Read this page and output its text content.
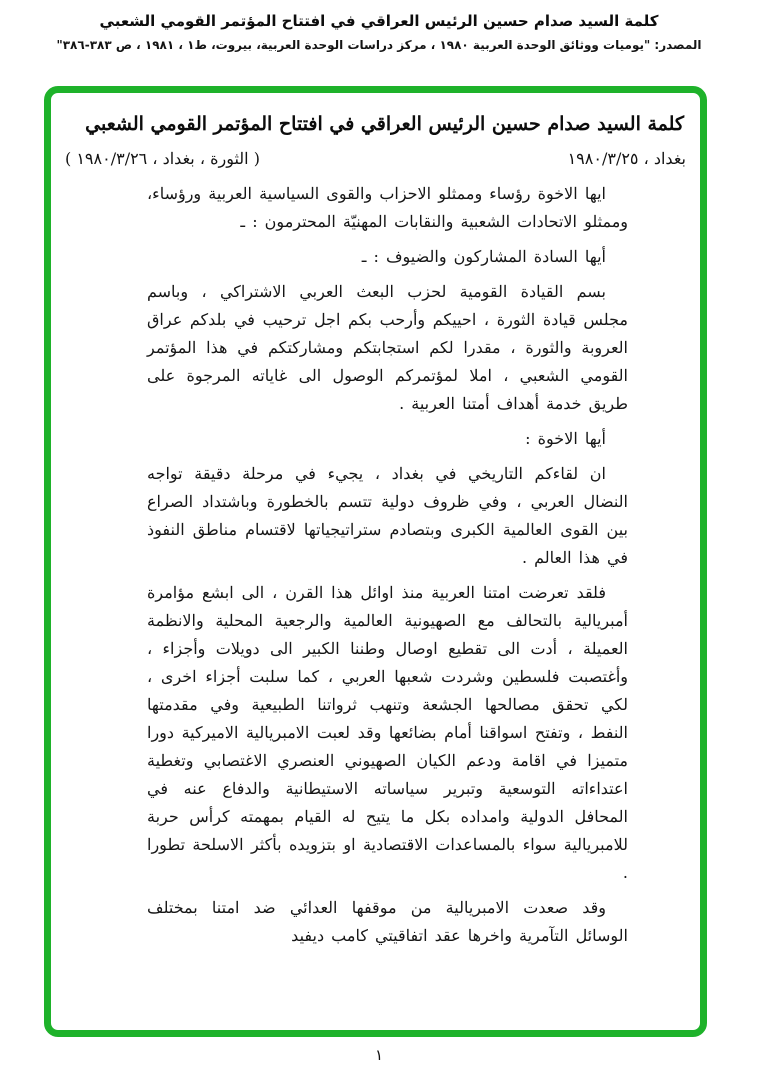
كلمة السيد صدام حسين الرئيس العراقي في افتتاح المؤتمر القومي الشعبي
المصدر: "يوميات ووثائق الوحدة العربية ١٩٨٠ ، مركز دراسات الوحدة العربية، بيروت، ط١ ، ١٩٨١ ، ص ٣٨٣-٣٨٦"
كلمة السيد صدام حسين الرئيس العراقي في افتتاح المؤتمر القومي الشعبي
بغداد ، ١٩٨٠/٣/٢٥
( الثورة ، بغداد ، ١٩٨٠/٣/٢٦ )

ايها الاخوة رؤساء وممثلو الاحزاب والقوى السياسية العربية ورؤساء، وممثلو الاتحادات الشعبية والنقابات المهنيّة المحترمون : ـ

أيها السادة المشاركون والضيوف : ـ

بسم القيادة القومية لحزب البعث العربي الاشتراكي ، وباسم مجلس قيادة الثورة ، احييكم وأرحب بكم اجل ترحيب في بلدكم عراق العروبة والثورة ، مقدرا لكم استجابتكم ومشاركتكم في هذا المؤتمر القومي الشعبي ، املا لمؤتمركم الوصول الى غاياته المرجوة على طريق خدمة أهداف أمتنا العربية .

أيها الاخوة :

ان لقاءكم التاريخي في بغداد ، يجيء في مرحلة دقيقة تواجه النضال العربي ، وفي ظروف دولية تتسم بالخطورة وباشتداد الصراع بين القوى العالمية الكبرى وبتصادم ستراتيجياتها لاقتسام مناطق النفوذ في هذا العالم .

فلقد تعرضت امتنا العربية منذ اوائل هذا القرن ، الى ابشع مؤامرة أمبريالية بالتحالف مع الصهيونية العالمية والرجعية المحلية والانظمة العميلة ، أدت الى تقطيع اوصال وطننا الكبير الى دويلات وأجزاء ، وأغتصبت فلسطين وشردت شعبها العربي ، كما سلبت أجزاء اخرى ، لكي تحقق مصالحها الجشعة وتنهب ثرواتنا الطبيعية وفي مقدمتها النفط ، وتفتح اسواقنا أمام بضائعها وقد لعبت الامبريالية الاميركية دورا متميزا في اقامة ودعم الكيان الصهيوني العنصري الاغتصابي وتغطية اعتداءاته التوسعية وتبرير سياساته الاستيطانية والدفاع عنه في المحافل الدولية وامداده بكل ما يتيح له القيام بمهمته كرأس حربة للامبريالية سواء بالمساعدات الاقتصادية او بتزويده بأكثر الاسلحة تطورا .

وقد صعدت الامبريالية من موقفها العدائي ضد امتنا بمختلف الوسائل التآمرية واخرها عقد اتفاقيتي كامب ديفيد

١
